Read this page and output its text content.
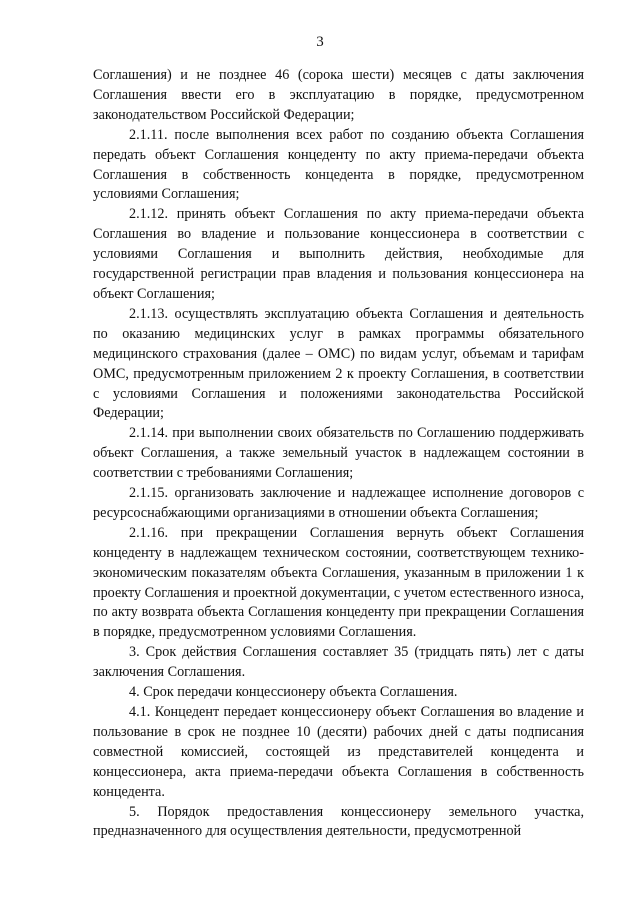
3

Соглашения) и не позднее 46 (сорока шести) месяцев с даты заключения Соглашения ввести его в эксплуатацию в порядке, предусмотренном законодательством Российской Федерации;

2.1.11. после выполнения всех работ по созданию объекта Соглашения передать объект Соглашения концеденту по акту приема-передачи объекта Соглашения в собственность концедента в порядке, предусмотренном условиями Соглашения;

2.1.12. принять объект Соглашения по акту приема-передачи объекта Соглашения во владение и пользование концессионера в соответствии с условиями Соглашения и выполнить действия, необходимые для государственной регистрации прав владения и пользования концессионера на объект Соглашения;

2.1.13. осуществлять эксплуатацию объекта Соглашения и деятельность по оказанию медицинских услуг в рамках программы обязательного медицинского страхования (далее – ОМС) по видам услуг, объемам и тарифам ОМС, предусмотренным приложением 2 к проекту Соглашения, в соответствии с условиями Соглашения и положениями законодательства Российской Федерации;

2.1.14. при выполнении своих обязательств по Соглашению поддерживать объект Соглашения, а также земельный участок в надлежащем состоянии в соответствии с требованиями Соглашения;

2.1.15. организовать заключение и надлежащее исполнение договоров с ресурсоснабжающими организациями в отношении объекта Соглашения;

2.1.16. при прекращении Соглашения вернуть объект Соглашения концеденту в надлежащем техническом состоянии, соответствующем технико-экономическим показателям объекта Соглашения, указанным в приложении 1 к проекту Соглашения и проектной документации, с учетом естественного износа, по акту возврата объекта Соглашения концеденту при прекращении Соглашения в порядке, предусмотренном условиями Соглашения.

3. Срок действия Соглашения составляет 35 (тридцать пять) лет с даты заключения Соглашения.

4. Срок передачи концессионеру объекта Соглашения.

4.1. Концедент передает концессионеру объект Соглашения во владение и пользование в срок не позднее 10 (десяти) рабочих дней с даты подписания совместной комиссией, состоящей из представителей концедента и концессионера, акта приема-передачи объекта Соглашения в собственность концедента.

5. Порядок предоставления концессионеру земельного участка, предназначенного для осуществления деятельности, предусмотренной
